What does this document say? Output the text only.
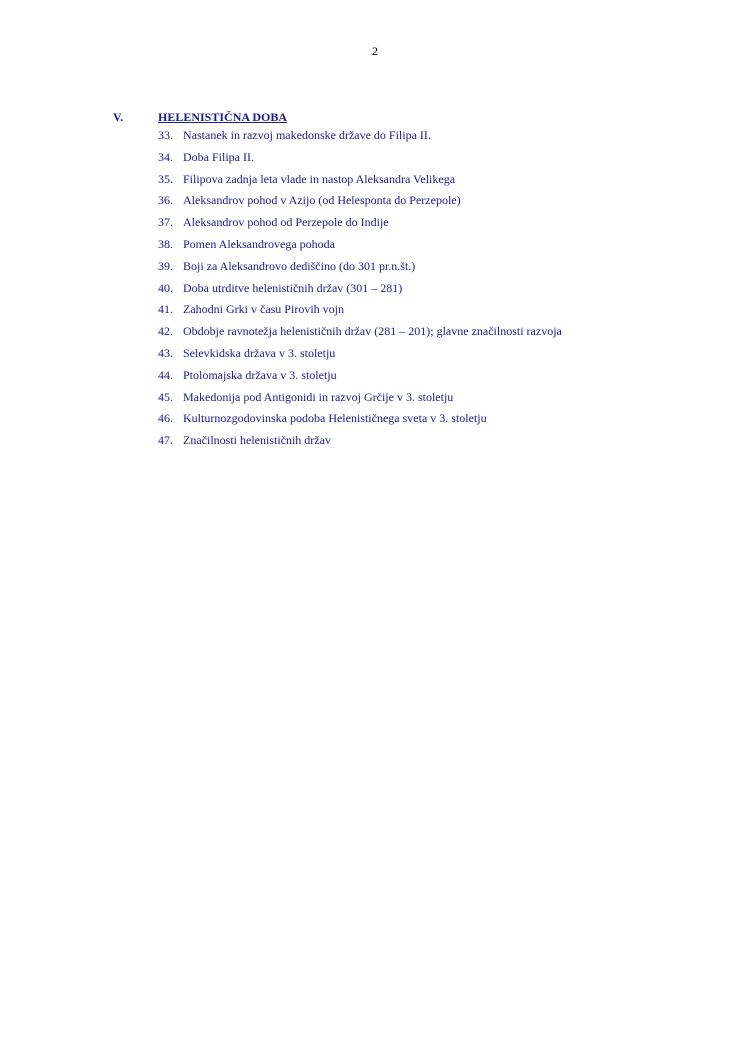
2
V.	HELENISTIČNA DOBA
33. Nastanek in razvoj makedonske države do Filipa II.
34. Doba Filipa II.
35. Filipova zadnja leta vlade in nastop Aleksandra Velikega
36. Aleksandrov pohod v Azijo (od Helesponta do Perzepole)
37. Aleksandrov pohod od Perzepole do Indije
38. Pomen Aleksandrovega pohoda
39. Boji za Aleksandrovo dediščino (do 301 pr.n.št.)
40. Doba utrditve helenističnih držav (301 – 281)
41. Zahodni Grki v času Pirovih vojn
42. Obdobje ravnotežja helenističnih držav (281 – 201); glavne značilnosti razvoja
43. Selevkidska država v 3. stoletju
44. Ptolomajska država v 3. stoletju
45. Makedonija pod Antigonidi in razvoj Grčije v 3. stoletju
46. Kulturnozgodovinska podoba Helenističnega sveta v 3. stoletju
47. Značilnosti helenističnih držav
